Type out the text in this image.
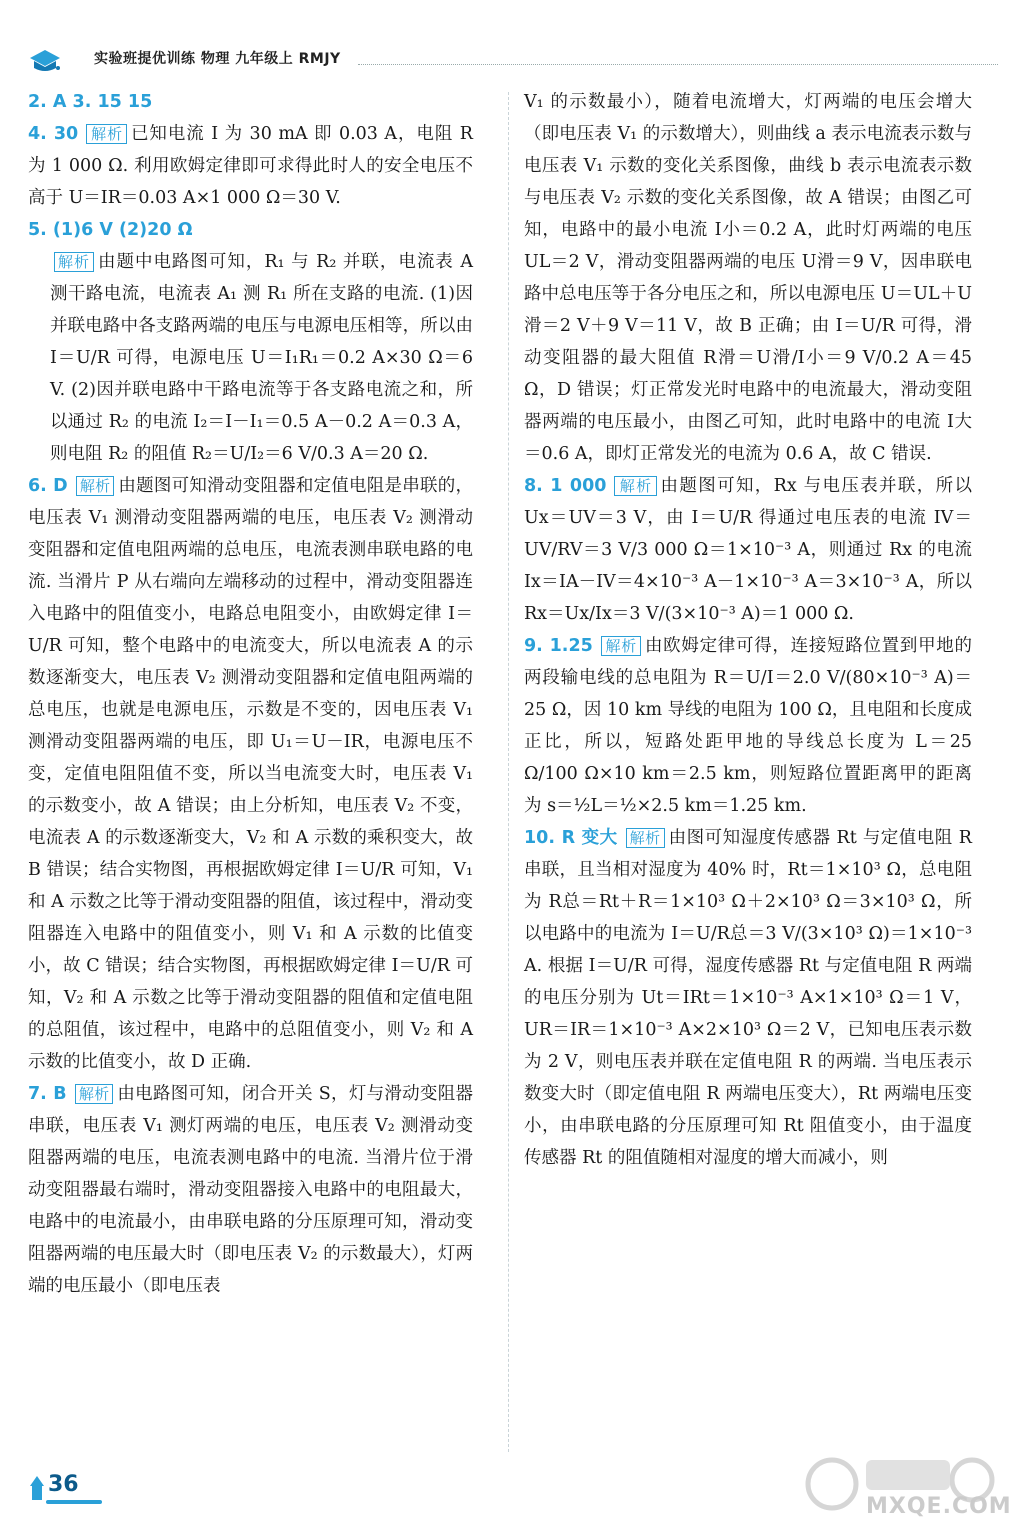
实验班提优训练 物理 九年级上 RMJY

2. A 3. 15 15

4. 30 解析 已知电流 I 为 30 mA 即 0.03 A，电阻 R 为 1 000 Ω. 利用欧姆定律即可求得此时人的安全电压不高于 U＝IR＝0.03 A×1 000 Ω＝30 V.

5. (1)6 V (2)20 Ω
解析 由题中电路图可知，R₁ 与 R₂ 并联，电流表 A 测干路电流，电流表 A₁ 测 R₁ 所在支路的电流. (1)因并联电路中各支路两端的电压与电源电压相等，所以由 I＝U/R 可得，电源电压 U＝I₁R₁＝0.2 A×30 Ω＝6 V. (2)因并联电路中干路电流等于各支路电流之和，所以通过 R₂ 的电流 I₂＝I－I₁＝0.5 A－0.2 A＝0.3 A，则电阻 R₂ 的阻值 R₂＝U/I₂＝6 V/0.3 A＝20 Ω.

6. D 解析 由题图可知滑动变阻器和定值电阻是串联的，电压表 V₁ 测滑动变阻器两端的电压，电压表 V₂ 测滑动变阻器和定值电阻两端的总电压，电流表测串联电路的电流. 当滑片 P 从右端向左端移动的过程中，滑动变阻器连入电路中的阻值变小，电路总电阻变小，由欧姆定律 I＝U/R 可知，整个电路中的电流变大，所以电流表 A 的示数逐渐变大，电压表 V₂ 测滑动变阻器和定值电阻两端的总电压，也就是电源电压，示数是不变的，因电压表 V₁ 测滑动变阻器两端的电压，即 U₁＝U－IR，电源电压不变，定值电阻阻值不变，所以当电流变大时，电压表 V₁ 的示数变小，故 A 错误；由上分析知，电压表 V₂ 不变，电流表 A 的示数逐渐变大，V₂ 和 A 示数的乘积变大，故 B 错误；结合实物图，再根据欧姆定律 I＝U/R 可知，V₁ 和 A 示数之比等于滑动变阻器的阻值，该过程中，滑动变阻器连入电路中的阻值变小，则 V₁ 和 A 示数的比值变小，故 C 错误；结合实物图，再根据欧姆定律 I＝U/R 可知，V₂ 和 A 示数之比等于滑动变阻器的阻值和定值电阻的总阻值，该过程中，电路中的总阻值变小，则 V₂ 和 A 示数的比值变小，故 D 正确.

7. B 解析 由电路图可知，闭合开关 S，灯与滑动变阻器串联，电压表 V₁ 测灯两端的电压，电压表 V₂ 测滑动变阻器两端的电压，电流表测电路中的电流. 当滑片位于滑动变阻器最右端时，滑动变阻器接入电路中的电阻最大，电路中的电流最小，由串联电路的分压原理可知，滑动变阻器两端的电压最大时（即电压表 V₂ 的示数最大），灯两端的电压最小（即电压表

V₁ 的示数最小），随着电流增大，灯两端的电压会增大（即电压表 V₁ 的示数增大），则曲线 a 表示电流表示数与电压表 V₁ 示数的变化关系图像，曲线 b 表示电流表示数与电压表 V₂ 示数的变化关系图像，故 A 错误；由图乙可知，电路中的最小电流 I小＝0.2 A，此时灯两端的电压 UL＝2 V，滑动变阻器两端的电压 U滑＝9 V，因串联电路中总电压等于各分电压之和，所以电源电压 U＝UL＋U滑＝2 V＋9 V＝11 V，故 B 正确；由 I＝U/R 可得，滑动变阻器的最大阻值 R滑＝U滑/I小＝9 V/0.2 A＝45 Ω，D 错误；灯正常发光时电路中的电流最大，滑动变阻器两端的电压最小，由图乙可知，此时电路中的电流 I大＝0.6 A，即灯正常发光的电流为 0.6 A，故 C 错误.

8. 1 000 解析 由题图可知，Rx 与电压表并联，所以 Ux＝UV＝3 V，由 I＝U/R 得通过电压表的电流 IV＝UV/RV＝3 V/3 000 Ω＝1×10⁻³ A，则通过 Rx 的电流 Ix＝IA－IV＝4×10⁻³ A－1×10⁻³ A＝3×10⁻³ A，所以 Rx＝Ux/Ix＝3 V/(3×10⁻³ A)＝1 000 Ω.

9. 1.25 解析 由欧姆定律可得，连接短路位置到甲地的两段输电线的总电阻为 R＝U/I＝2.0 V/(80×10⁻³ A)＝25 Ω，因 10 km 导线的电阻为 100 Ω，且电阻和长度成正比，所以，短路处距甲地的导线总长度为 L＝25 Ω/100 Ω×10 km＝2.5 km，则短路位置距离甲的距离为 s＝½L＝½×2.5 km＝1.25 km.

10. R 变大 解析 由图可知湿度传感器 Rt 与定值电阻 R 串联，且当相对湿度为 40% 时，Rt＝1×10³ Ω，总电阻为 R总＝Rt＋R＝1×10³ Ω＋2×10³ Ω＝3×10³ Ω，所以电路中的电流为 I＝U/R总＝3 V/(3×10³ Ω)＝1×10⁻³ A. 根据 I＝U/R 可得，湿度传感器 Rt 与定值电阻 R 两端的电压分别为 Ut＝IRt＝1×10⁻³ A×1×10³ Ω＝1 V，UR＝IR＝1×10⁻³ A×2×10³ Ω＝2 V，已知电压表示数为 2 V，则电压表并联在定值电阻 R 的两端. 当电压表示数变大时（即定值电阻 R 两端电压变大），Rt 两端电压变小，由串联电路的分压原理可知 Rt 阻值变小，由于温度传感器 Rt 的阻值随相对湿度的增大而减小，则

36
MXQE.COM
